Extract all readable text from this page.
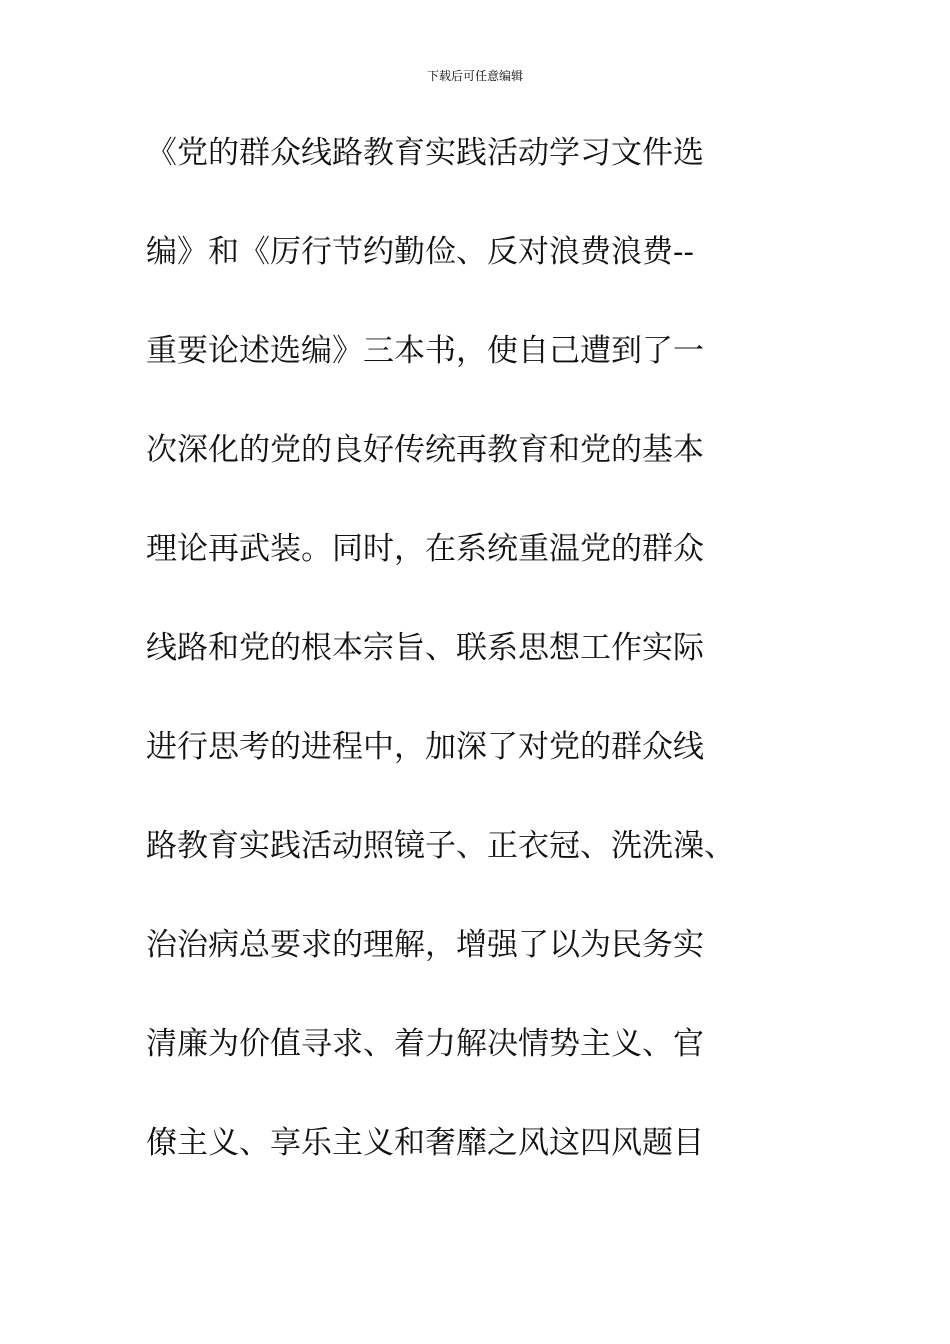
下载后可任意编辑
《党的群众线路教育实践活动学习文件选
编》和《厉行节约勤俭、反对浪费浪费--
重要论述选编》三本书，使自己遭到了一
次深化的党的良好传统再教育和党的基本
理论再武装。同时，在系统重温党的群众
线路和党的根本宗旨、联系思想工作实际
进行思考的进程中，加深了对党的群众线
路教育实践活动照镜子、正衣冠、洗洗澡、
治治病总要求的理解，增强了以为民务实
清廉为价值寻求、着力解决情势主义、官
僚主义、享乐主义和奢靡之风这四风题目
